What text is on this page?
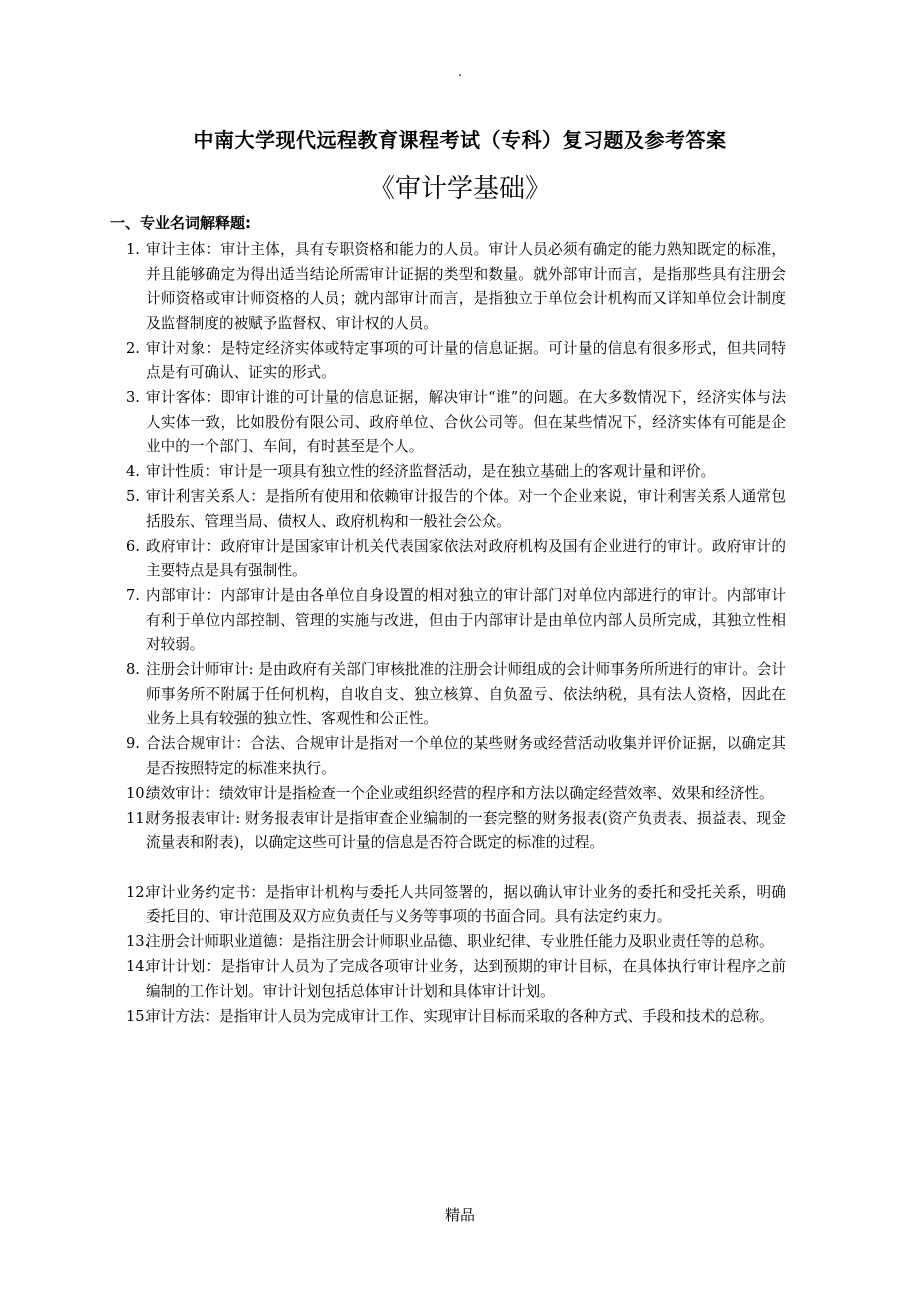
.
中南大学现代远程教育课程考试（专科）复习题及参考答案
《审计学基础》
一、专业名词解释题:
1. 审计主体：审计主体，具有专职资格和能力的人员。审计人员必须有确定的能力熟知既定的标准，并且能够确定为得出适当结论所需审计证据的类型和数量。就外部审计而言，是指那些具有注册会计师资格或审计师资格的人员；就内部审计而言，是指独立于单位会计机构而又详知单位会计制度及监督制度的被赋予监督权、审计权的人员。
2. 审计对象：是特定经济实体或特定事项的可计量的信息证据。可计量的信息有很多形式，但共同特点是有可确认、证实的形式。
3. 审计客体：即审计谁的可计量的信息证据，解决审计“谁”的问题。在大多数情况下，经济实体与法人实体一致，比如股份有限公司、政府单位、合伙公司等。但在某些情况下，经济实体有可能是企业中的一个部门、车间，有时甚至是个人。
4. 审计性质：审计是一项具有独立性的经济监督活动，是在独立基础上的客观计量和评价。
5. 审计利害关系人：是指所有使用和依赖审计报告的个体。对一个企业来说，审计利害关系人通常包括股东、管理当局、债权人、政府机构和一般社会公众。
6. 政府审计：政府审计是国家审计机关代表国家依法对政府机构及国有企业进行的审计。政府审计的主要特点是具有强制性。
7. 内部审计：内部审计是由各单位自身设置的相对独立的审计部门对单位内部进行的审计。内部审计有利于单位内部控制、管理的实施与改进，但由于内部审计是由单位内部人员所完成，其独立性相对较弱。
8. 注册会计师审计: 是由政府有关部门审核批准的注册会计师组成的会计师事务所所进行的审计。会计师事务所不附属于任何机构，自收自支、独立核算、自负盈亏、依法纳税，具有法人资格，因此在业务上具有较强的独立性、客观性和公正性。
9. 合法合规审计：合法、合规审计是指对一个单位的某些财务或经营活动收集并评价证据，以确定其是否按照特定的标准来执行。
10.
绩效审计：绩效审计是指检查一个企业或组织经营的程序和方法以确定经营效率、效果和经济性。
11.
财务报表审计: 财务报表审计是指审查企业编制的一套完整的财务报表(资产负责表、损益表、现金流量表和附表)，以确定这些可计量的信息是否符合既定的标准的过程。
12.
审计业务约定书：是指审计机构与委托人共同签署的，据以确认审计业务的委托和受托关系，明确委托目的、审计范围及双方应负责任与义务等事项的书面合同。具有法定约束力。
13.
注册会计师职业道德：是指注册会计师职业品德、职业纪律、专业胜任能力及职业责任等的总称。
14.
审计计划：是指审计人员为了完成各项审计业务，达到预期的审计目标，在具体执行审计程序之前编制的工作计划。审计计划包括总体审计计划和具体审计计划。
15.
审计方法：是指审计人员为完成审计工作、实现审计目标而采取的各种方式、手段和技术的总称。
精品
